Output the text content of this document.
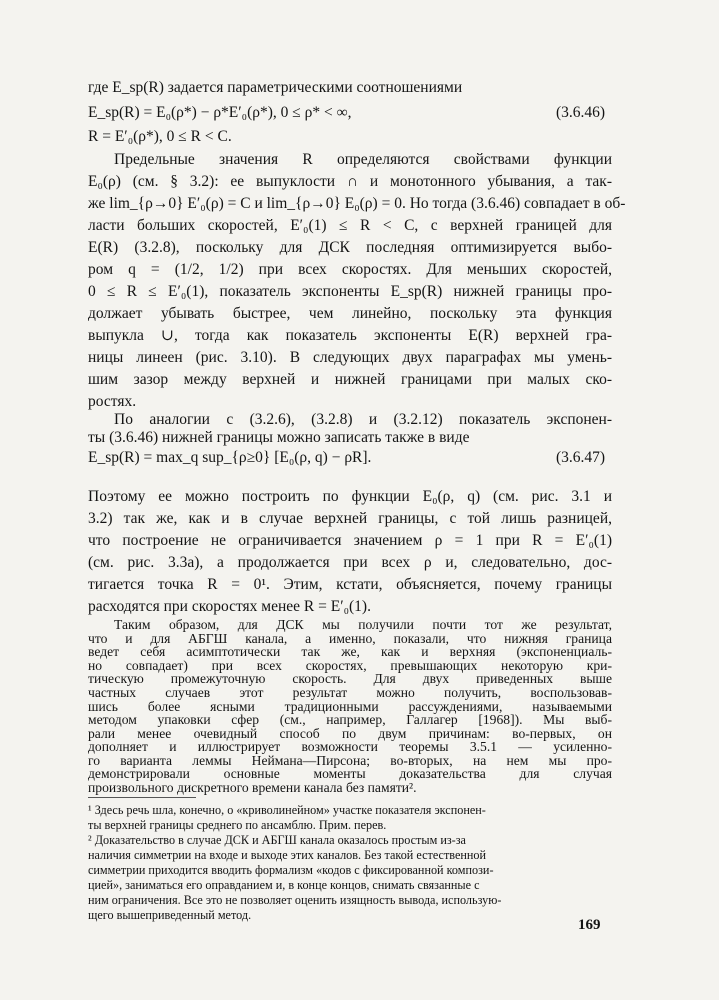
где E_sp(R) задается параметрическими соотношениями
E_sp(R) = E₀(ρ*) − ρ*E′₀(ρ*), 0 ≤ ρ* < ∞,	(3.6.46)
R = E′₀(ρ*), 0 ≤ R < C.
Предельные значения R определяются свойствами функции
E₀(ρ) (см. § 3.2): ее выпуклости ∩ и монотонного убывания, а так-
же lim_{ρ→0} E′₀(ρ) = C и lim_{ρ→0} E₀(ρ) = 0. Но тогда (3.6.46) совпадает в об-
ласти больших скоростей, E′₀(1) ≤ R < C, с верхней границей для
E(R) (3.2.8), поскольку для ДСК последняя оптимизируется выбо-
ром q = (1/2, 1/2) при всех скоростях. Для меньших скоростей,
0 ≤ R ≤ E′₀(1), показатель экспоненты E_sp(R) нижней границы про-
должает убывать быстрее, чем линейно, поскольку эта функция
выпукла ∪, тогда как показатель экспоненты E(R) верхней гра-
ницы линеен (рис. 3.10). В следующих двух параграфах мы умень-
шим зазор между верхней и нижней границами при малых ско-
ростях.
По аналогии с (3.2.6), (3.2.8) и (3.2.12) показатель экспонен-
ты (3.6.46) нижней границы можно записать также в виде
E_sp(R) = max_q sup_{ρ≥0} [E₀(ρ, q) − ρR].	(3.6.47)
Поэтому ее можно построить по функции E₀(ρ, q) (см. рис. 3.1 и
3.2) так же, как и в случае верхней границы, с той лишь разницей,
что построение не ограничивается значением ρ = 1 при R = E′₀(1)
(см. рис. 3.3а), а продолжается при всех ρ и, следовательно, дос-
тигается точка R = 0¹. Этим, кстати, объясняется, почему границы
расходятся при скоростях менее R = E′₀(1).
Таким образом, для ДСК мы получили почти тот же результат,
что и для АБГШ канала, а именно, показали, что нижняя граница
ведет себя асимптотически так же, как и верхняя (экспоненциаль-
но совпадает) при всех скоростях, превышающих некоторую кри-
тическую промежуточную скорость. Для двух приведенных выше
частных случаев этот результат можно получить, воспользовав-
шись более ясными традиционными рассуждениями, называемыми
методом упаковки сфер (см., например, Галлагер [1968]). Мы выб-
рали менее очевидный способ по двум причинам: во-первых, он
дополняет и иллюстрирует возможности теоремы 3.5.1 — усиленно-
го варианта леммы Неймана—Пирсона; во-вторых, на нем мы про-
демонстрировали основные моменты доказательства для случая
произвольного дискретного времени канала без памяти².
¹ Здесь речь шла, конечно, о «криволинейном» участке показателя экспонен-
ты верхней границы среднего по ансамблю. Прим. перев.
² Доказательство в случае ДСК и АБГШ канала оказалось простым из-за
наличия симметрии на входе и выходе этих каналов. Без такой естественной
симметрии приходится вводить формализм «кодов с фиксированной компози-
цией», заниматься его оправданием и, в конце концов, снимать связанные с
ним ограничения. Все это не позволяет оценить изящность вывода, использую-
щего вышеприведенный метод.
169
